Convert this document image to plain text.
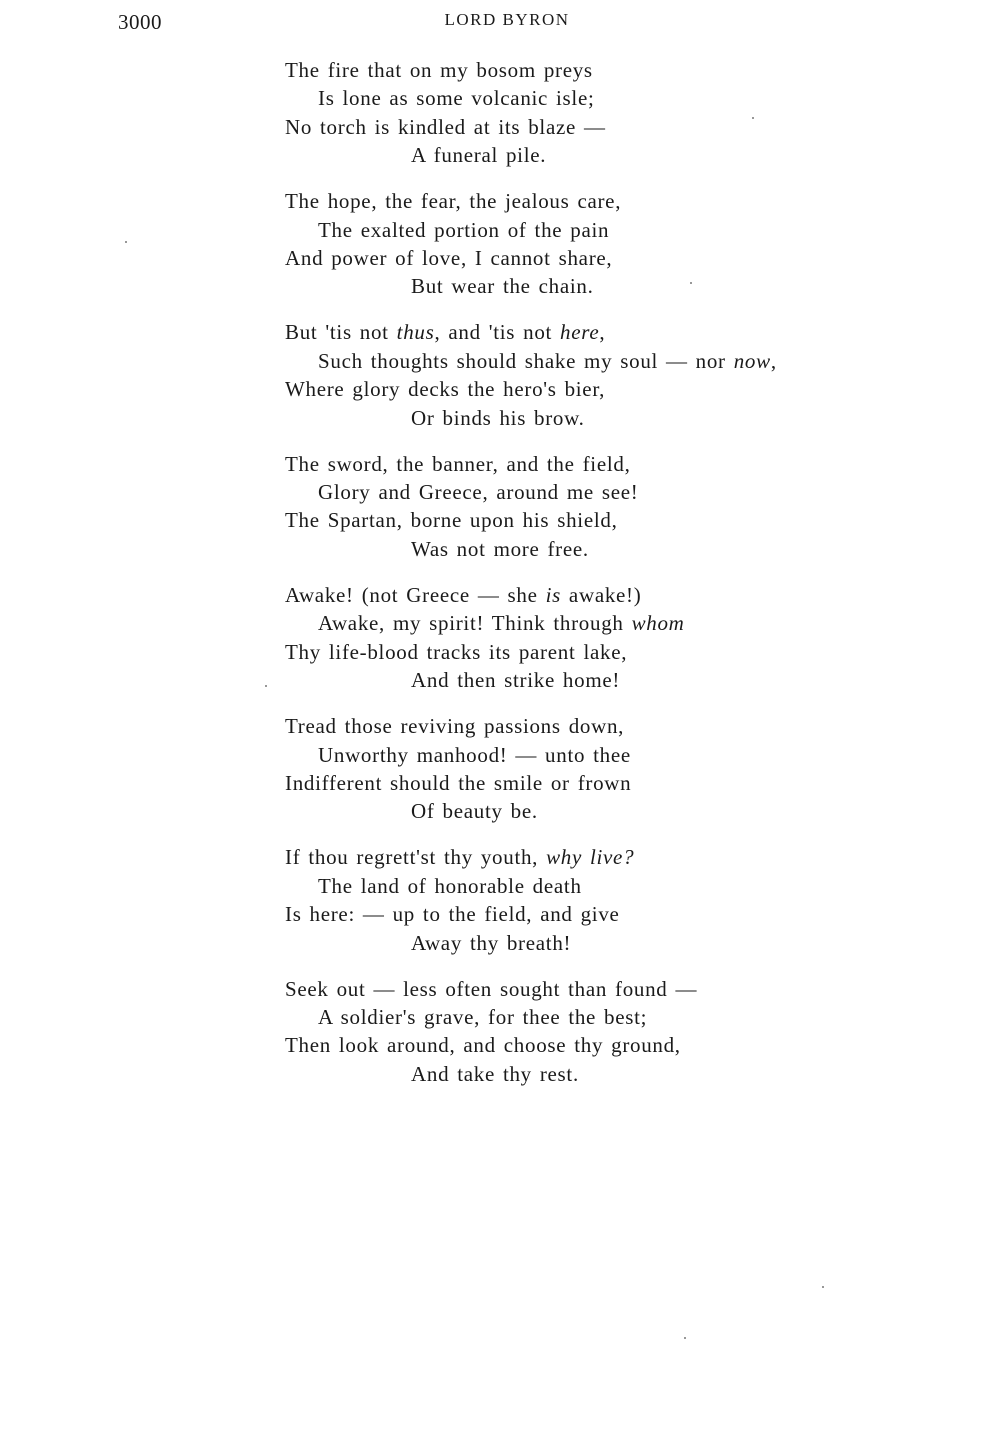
3000	LORD BYRON
The fire that on my bosom preys
Is lone as some volcanic isle;
No torch is kindled at its blaze —
A funeral pile.
The hope, the fear, the jealous care,
The exalted portion of the pain
And power of love, I cannot share,
But wear the chain.
But 'tis not thus, and 'tis not here,
Such thoughts should shake my soul — nor now,
Where glory decks the hero's bier,
Or binds his brow.
The sword, the banner, and the field,
Glory and Greece, around me see!
The Spartan, borne upon his shield,
Was not more free.
Awake! (not Greece — she is awake!)
Awake, my spirit! Think through whom
Thy life-blood tracks its parent lake,
And then strike home!
Tread those reviving passions down,
Unworthy manhood! — unto thee
Indifferent should the smile or frown
Of beauty be.
If thou regrett'st thy youth, why live?
The land of honorable death
Is here: — up to the field, and give
Away thy breath!
Seek out — less often sought than found —
A soldier's grave, for thee the best;
Then look around, and choose thy ground,
And take thy rest.
